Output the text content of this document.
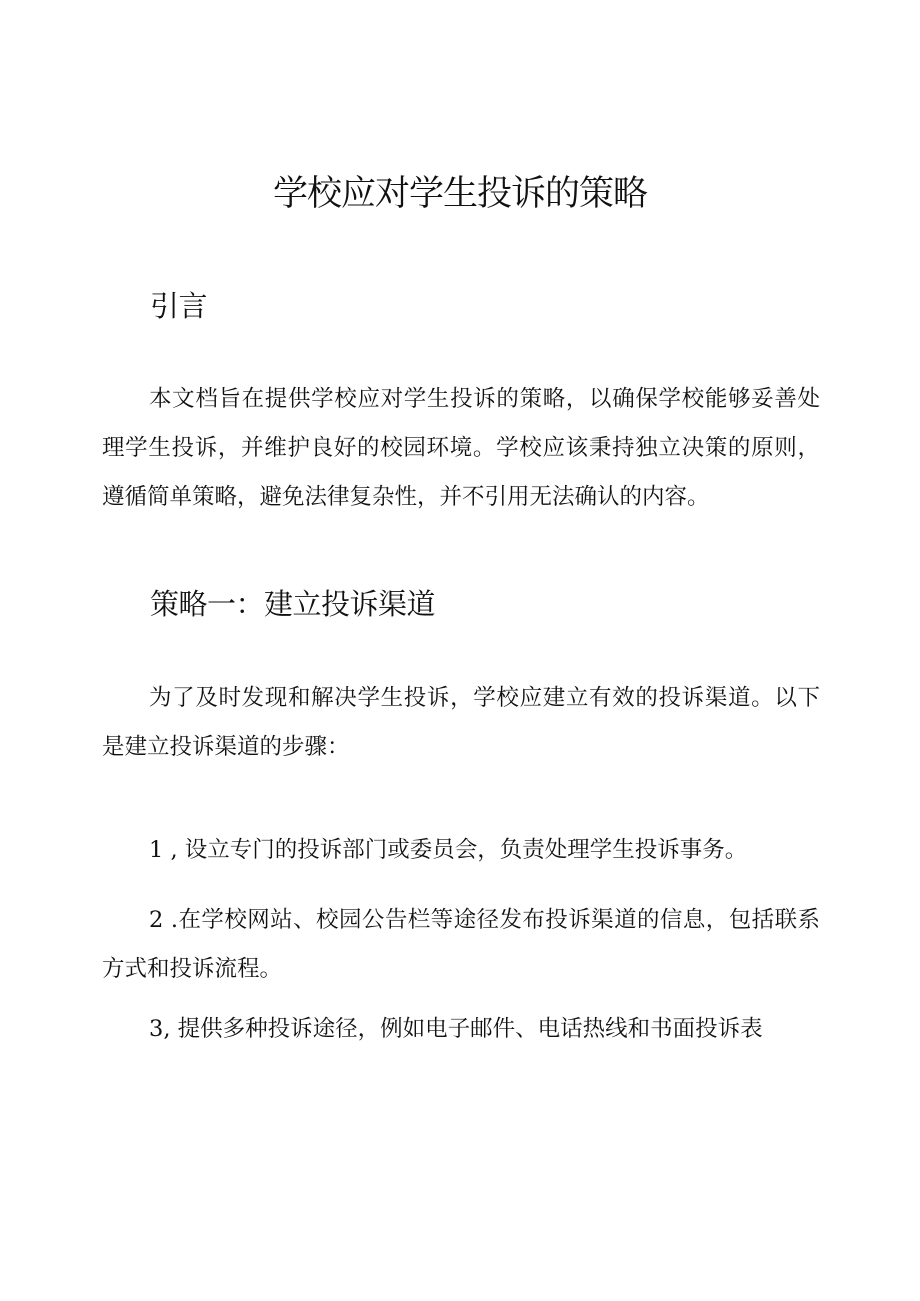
学校应对学生投诉的策略
引言

本文档旨在提供学校应对学生投诉的策略，以确保学校能够妥善处理学生投诉，并维护良好的校园环境。学校应该秉持独立决策的原则，遵循简单策略，避免法律复杂性，并不引用无法确认的内容。

策略一：建立投诉渠道

为了及时发现和解决学生投诉，学校应建立有效的投诉渠道。以下是建立投诉渠道的步骤：

1 , 设立专门的投诉部门或委员会，负责处理学生投诉事务。

2 .在学校网站、校园公告栏等途径发布投诉渠道的信息，包括联系方式和投诉流程。

3, 提供多种投诉途径，例如电子邮件、电话热线和书面投诉表
